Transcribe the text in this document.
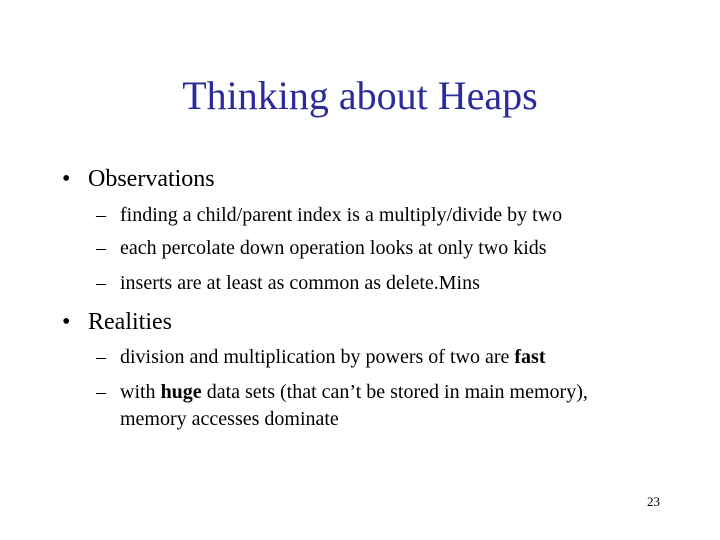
Thinking about Heaps
• Observations
– finding a child/parent index is a multiply/divide by two
– each percolate down operation looks at only two kids
– inserts are at least as common as delete.Mins
• Realities
– division and multiplication by powers of two are fast
– with huge data sets (that can’t be stored in main memory), memory accesses dominate
23
